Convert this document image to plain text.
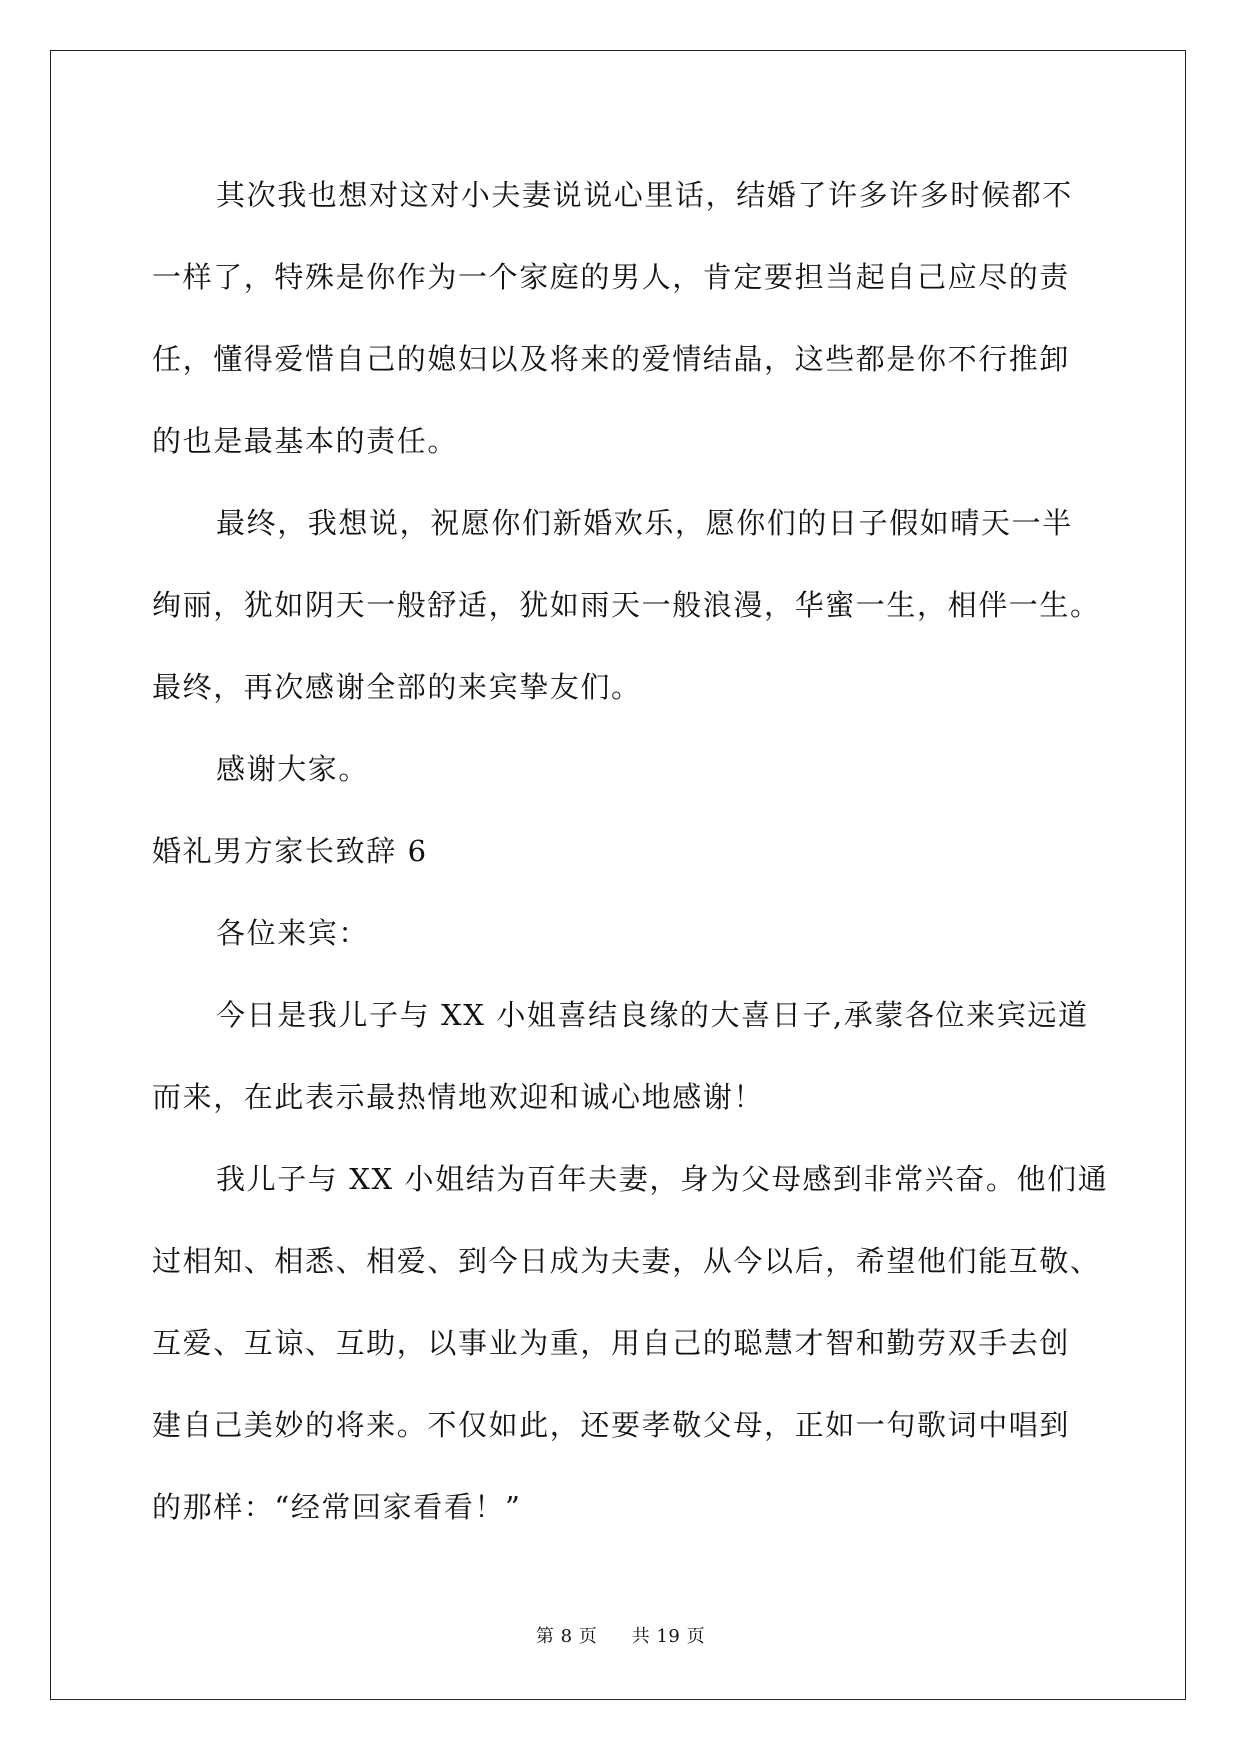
其次我也想对这对小夫妻说说心里话，结婚了许多许多时候都不
一样了，特殊是你作为一个家庭的男人，肯定要担当起自己应尽的责
任，懂得爱惜自己的媳妇以及将来的爱情结晶，这些都是你不行推卸
的也是最基本的责任。
最终，我想说，祝愿你们新婚欢乐，愿你们的日子假如晴天一半
绚丽，犹如阴天一般舒适，犹如雨天一般浪漫，华蜜一生，相伴一生。
最终，再次感谢全部的来宾挚友们。
感谢大家。
婚礼男方家长致辞 6
各位来宾：
今日是我儿子与 XX 小姐喜结良缘的大喜日子,承蒙各位来宾远道
而来，在此表示最热情地欢迎和诚心地感谢！
我儿子与 XX 小姐结为百年夫妻，身为父母感到非常兴奋。他们通
过相知、相悉、相爱、到今日成为夫妻，从今以后，希望他们能互敬、
互爱、互谅、互助，以事业为重，用自己的聪慧才智和勤劳双手去创
建自己美妙的将来。不仅如此，还要孝敬父母，正如一句歌词中唱到
的那样：“经常回家看看！”
第 8 页 共 19 页
